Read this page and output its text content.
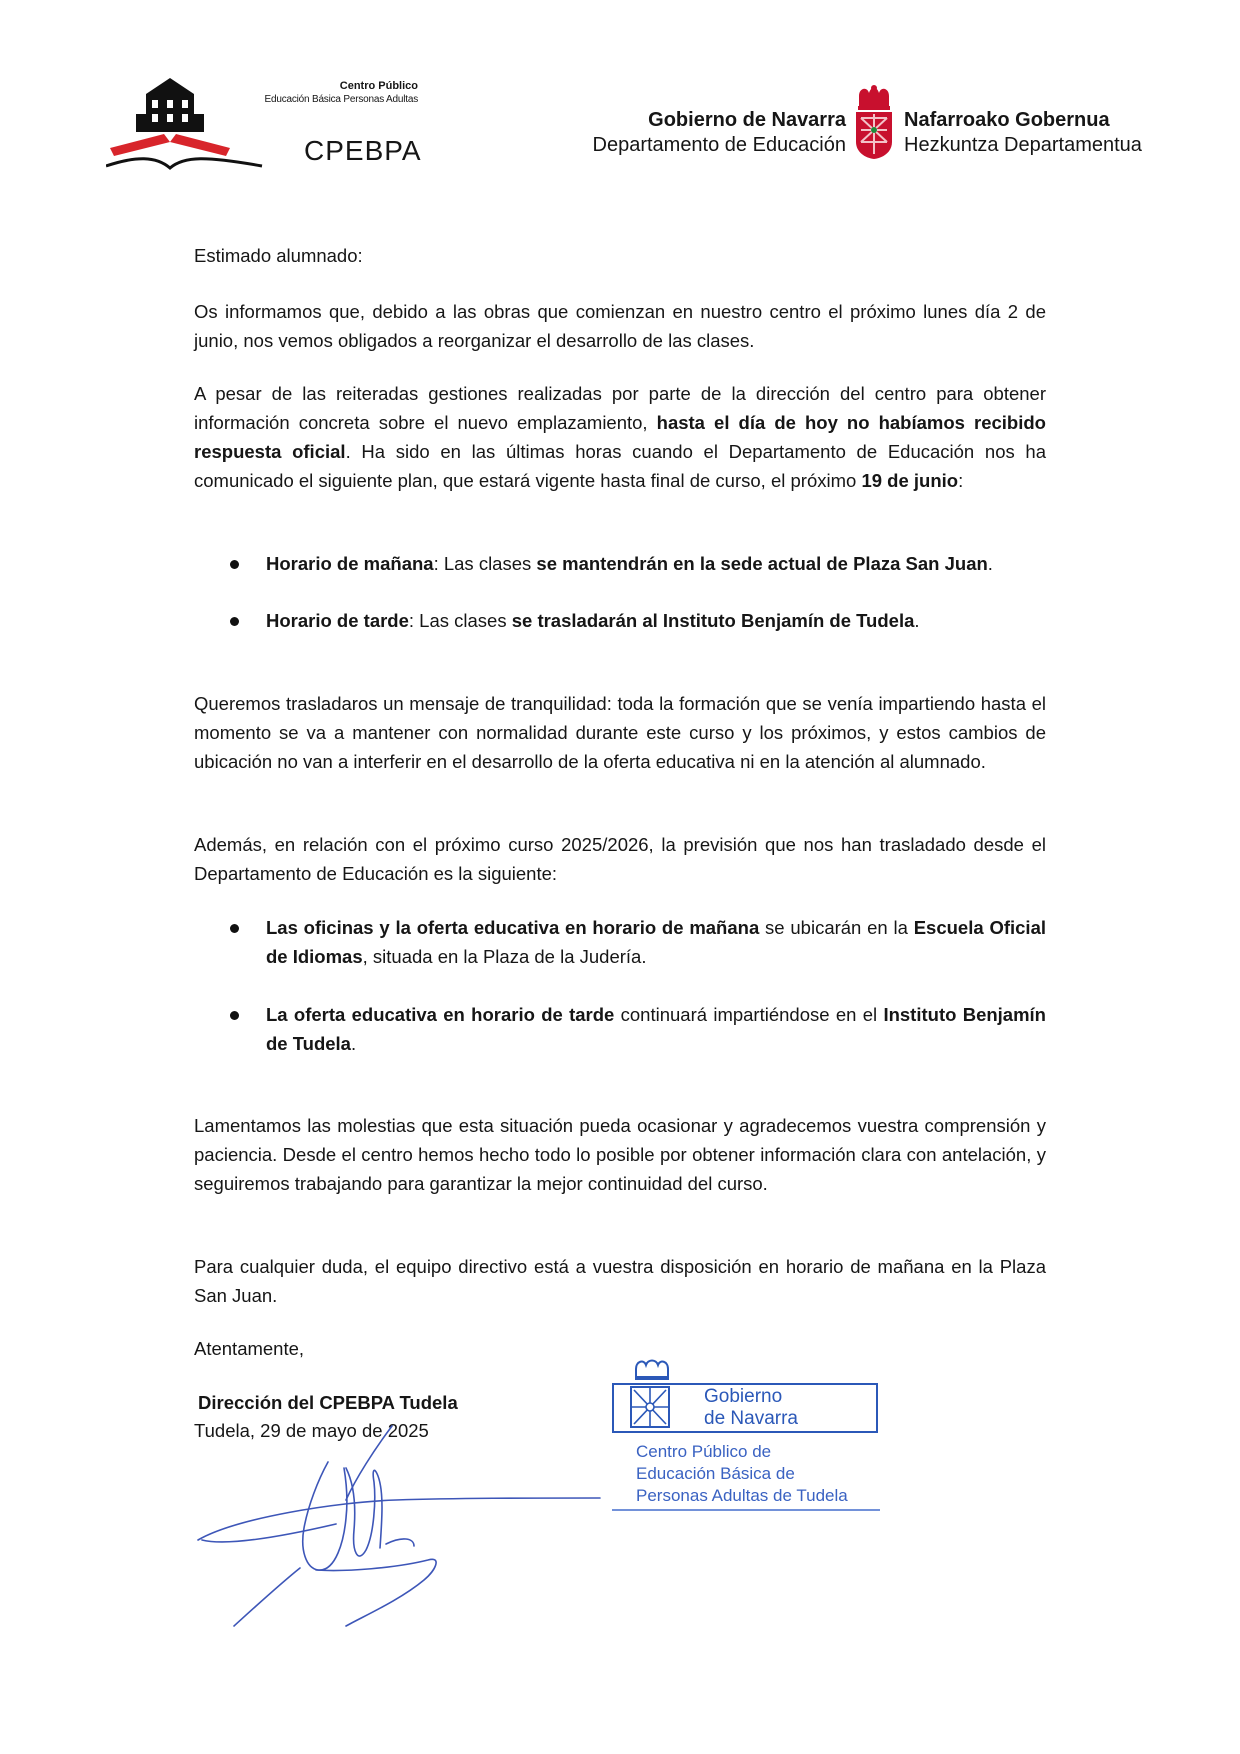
Centro Público
Educación Básica Personas Adultas
CPEBPA
Gobierno de Navarra
Departamento de Educación
Nafarroako Gobernua
Hezkuntza Departamentua
Estimado alumnado:
Os informamos que, debido a las obras que comienzan en nuestro centro el próximo lunes día 2 de junio, nos vemos obligados a reorganizar el desarrollo de las clases.

A pesar de las reiteradas gestiones realizadas por parte de la dirección del centro para obtener información concreta sobre el nuevo emplazamiento, hasta el día de hoy no habíamos recibido respuesta oficial. Ha sido en las últimas horas cuando el Departamento de Educación nos ha comunicado el siguiente plan, que estará vigente hasta final de curso, el próximo 19 de junio:

Horario de mañana: Las clases se mantendrán en la sede actual de Plaza San Juan.
Horario de tarde: Las clases se trasladarán al Instituto Benjamín de Tudela.
Queremos trasladaros un mensaje de tranquilidad: toda la formación que se venía impartiendo hasta el momento se va a mantener con normalidad durante este curso y los próximos, y estos cambios de ubicación no van a interferir en el desarrollo de la oferta educativa ni en la atención al alumnado.
Además, en relación con el próximo curso 2025/2026, la previsión que nos han trasladado desde el Departamento de Educación es la siguiente:
Las oficinas y la oferta educativa en horario de mañana se ubicarán en la Escuela Oficial de Idiomas, situada en la Plaza de la Judería.
La oferta educativa en horario de tarde continuará impartiéndose en el Instituto Benjamín de Tudela.
Lamentamos las molestias que esta situación pueda ocasionar y agradecemos vuestra comprensión y paciencia. Desde el centro hemos hecho todo lo posible por obtener información clara con antelación, y seguiremos trabajando para garantizar la mejor continuidad del curso.
Para cualquier duda, el equipo directivo está a vuestra disposición en horario de mañana en la Plaza San Juan.
Atentamente,
Dirección del CPEBPA Tudela
Tudela, 29 de mayo de 2025
Gobierno
de Navarra
Centro Público de
Educación Básica de
Personas Adultas de Tudela
